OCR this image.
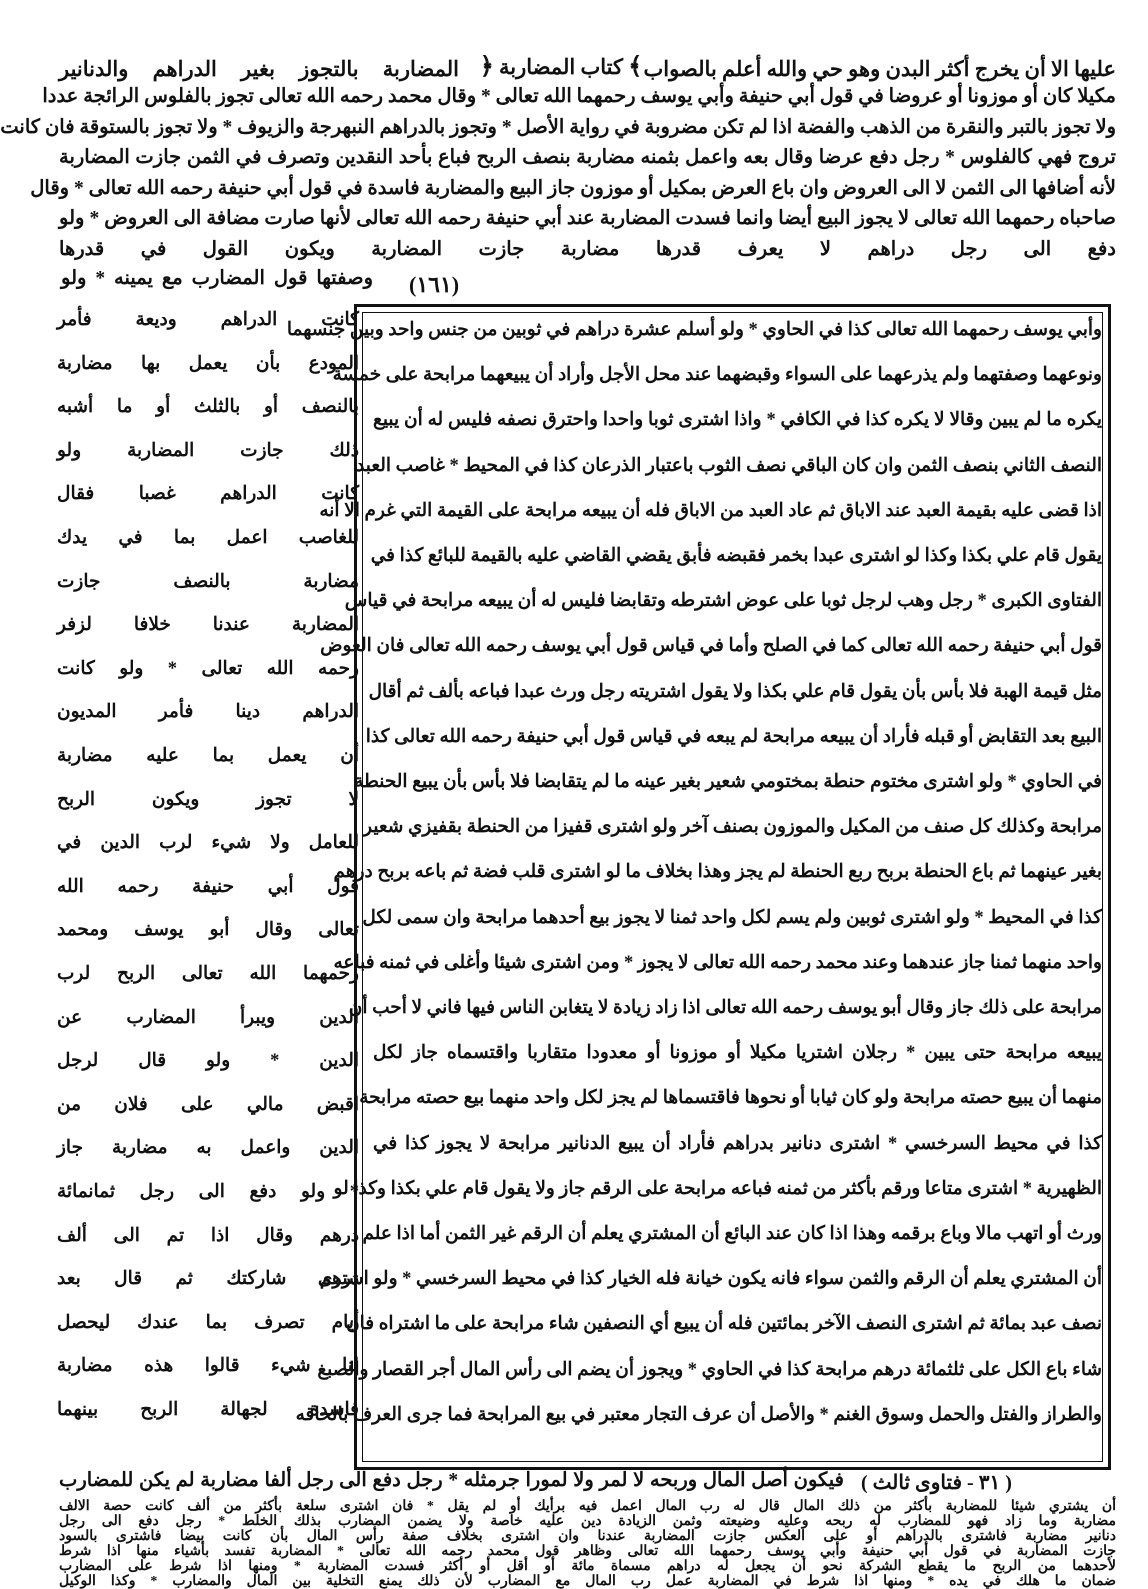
عليها الا أن يخرج أكثر البدن وهو حي والله أعلم بالصواب
﴾ كتاب المضاربة ﴿
المضاربة بالتجوز بغير الدراهم والدنانير
مكيلا كان أو موزونا أو عروضا في قول أبي حنيفة وأبي يوسف رحمهما الله تعالى * وقال محمد رحمه الله تعالى تجوز بالفلوس الرائجة عددا
ولا تجوز بالتبر والنقرة من الذهب والفضة اذا لم تكن مضروبة في رواية الأصل * وتجوز بالدراهم النبهرجة والزيوف * ولا تجوز بالستوقة فان كانت
تروج فهي كالفلوس * رجل دفع عرضا وقال بعه واعمل بثمنه مضاربة بنصف الربح فباع بأحد النقدين وتصرف في الثمن جازت المضاربة
لأنه أضافها الى الثمن لا الى العروض وان باع العرض بمكيل أو موزون جاز البيع والمضاربة فاسدة في قول أبي حنيفة رحمه الله تعالى * وقال
صاحباه رحمهما الله تعالى لا يجوز البيع أيضا وانما فسدت المضاربة عند أبي حنيفة رحمه الله تعالى لأنها صارت مضافة الى العروض * ولو
دفع الى رجل دراهم لا يعرف قدرها مضاربة جازت المضاربة ويكون القول في قدرها
(١٦١)
وصفتها قول المضارب مع يمينه * ولو
وأبي يوسف رحمهما الله تعالى كذا في الحاوي * ولو أسلم عشرة دراهم في ثوبين من جنس واحد وبين جنسهما
ونوعهما وصفتهما ولم يذرعهما على السواء وقبضهما عند محل الأجل وأراد أن يبيعهما مرابحة على خمسة
يكره ما لم يبين وقالا لا يكره كذا في الكافي * واذا اشترى ثوبا واحدا واحترق نصفه فليس له أن يبيع
النصف الثاني بنصف الثمن وان كان الباقي نصف الثوب باعتبار الذرعان كذا في المحيط * غاصب العبد
اذا قضى عليه بقيمة العبد عند الاباق ثم عاد العبد من الاباق فله أن يبيعه مرابحة على القيمة التي غرم الا أنه
يقول قام علي بكذا وكذا لو اشترى عبدا بخمر فقبضه فأبق يقضي القاضي عليه بالقيمة للبائع كذا في
الفتاوى الكبرى * رجل وهب لرجل ثوبا على عوض اشترطه وتقابضا فليس له أن يبيعه مرابحة في قياس
قول أبي حنيفة رحمه الله تعالى كما في الصلح وأما في قياس قول أبي يوسف رحمه الله تعالى فان العوض
مثل قيمة الهبة فلا بأس بأن يقول قام علي بكذا ولا يقول اشتريته رجل ورث عبدا فباعه بألف ثم أقال
البيع بعد التقابض أو قبله فأراد أن يبيعه مرابحة لم يبعه في قياس قول أبي حنيفة رحمه الله تعالى كذا
في الحاوي * ولو اشترى مختوم حنطة بمختومي شعير بغير عينه ما لم يتقابضا فلا بأس بأن يبيع الحنطة
مرابحة وكذلك كل صنف من المكيل والموزون بصنف آخر ولو اشترى قفيزا من الحنطة بقفيزي شعير
بغير عينهما ثم باع الحنطة بربح ربع الحنطة لم يجز وهذا بخلاف ما لو اشترى قلب فضة ثم باعه بربح درهم
كذا في المحيط * ولو اشترى ثوبين ولم يسم لكل واحد ثمنا لا يجوز بيع أحدهما مرابحة وان سمى لكل
واحد منهما ثمنا جاز عندهما وعند محمد رحمه الله تعالى لا يجوز * ومن اشترى شيئا وأغلى في ثمنه فباعه
مرابحة على ذلك جاز وقال أبو يوسف رحمه الله تعالى اذا زاد زيادة لا يتغابن الناس فيها فاني لا أحب أن
يبيعه مرابحة حتى يبين * رجلان اشتريا مكيلا أو موزونا أو معدودا متقاربا واقتسماه جاز لكل
منهما أن يبيع حصته مرابحة ولو كان ثيابا أو نحوها فاقتسماها لم يجز لكل واحد منهما بيع حصته مرابحة
كذا في محيط السرخسي * اشترى دنانير بدراهم فأراد أن يبيع الدنانير مرابحة لا يجوز كذا في
الظهيرية * اشترى متاعا ورقم بأكثر من ثمنه فباعه مرابحة على الرقم جاز ولا يقول قام علي بكذا وكذا لو
ورث أو اتهب مالا وباع برقمه وهذا اذا كان عند البائع أن المشتري يعلم أن الرقم غير الثمن أما اذا علم
أن المشتري يعلم أن الرقم والثمن سواء فانه يكون خيانة فله الخيار كذا في محيط السرخسي * ولو اشترى
نصف عبد بمائة ثم اشترى النصف الآخر بمائتين فله أن يبيع أي النصفين شاء مرابحة على ما اشتراه فان
شاء باع الكل على ثلثمائة درهم مرابحة كذا في الحاوي * ويجوز أن يضم الى رأس المال أجر القصار والصبغ
والطراز والفتل والحمل وسوق الغنم * والأصل أن عرف التجار معتبر في بيع المرابحة فما جرى العرف بالحاقه
كانت الدراهم وديعة فأمر
المودع بأن يعمل بها مضاربة
بالنصف أو بالثلث أو ما أشبه
ذلك جازت المضاربة ولو
كانت الدراهم غصبا فقال
للغاصب اعمل بما في يدك
مضاربة بالنصف جازت
المضاربة عندنا خلافا لزفر
رحمه الله تعالى * ولو كانت
الدراهم دينا فأمر المديون
أن يعمل بما عليه مضاربة
لا تجوز ويكون الربح
للعامل ولا شيء لرب الدين في
قول أبي حنيفة رحمه الله
تعالى وقال أبو يوسف ومحمد
رحمهما الله تعالى الربح لرب
الدين ويبرأ المضارب عن
الدين * ولو قال لرجل
اقبض مالي على فلان من
الدين واعمل به مضاربة جاز
* ولو دفع الى رجل ثمانمائة
درهم وقال اذا تم الى ألف
درهم شاركتك ثم قال بعد
أيام تصرف بما عندك ليحصل
لنا شيء قالوا هذه مضاربة
فاسدة لجهالة الربح بينهما
( ٣١ - فتاوى ثالث )
فيكون أصل المال وربحه لا لمر ولا لمورا جرمثله * رجل دفع الى رجل ألفا مضاربة لم يكن للمضارب
أن يشتري شيئا للمضاربة بأكثر من ذلك المال قال له رب المال اعمل فيه برأيك أو لم يقل * فان اشترى سلعة بأكثر من ألف كانت حصة الالف
مضاربة وما زاد فهو للمضارب له ربحه وعليه وضيعته وثمن الزيادة دين عليه خاصة ولا يضمن المضارب بذلك الخلط * رجل دفع الى رجل
دنانير مضاربة فاشترى بالدراهم أو على العكس جازت المضاربة عندنا وان اشترى بخلاف صفة رأس المال بأن كانت بيضا فاشترى بالسود
جازت المضاربة في قول أبي حنيفة وأبي يوسف رحمهما الله تعالى وظاهر قول محمد رحمه الله تعالى * المضاربة تفسد بأشياء منها اذا شرط
لأحدهما من الربح ما يقطع الشركة نحو أن يجعل له دراهم مسماة مائة أو أقل أو أكثر فسدت المضاربة * ومنها اذا شرط على المضارب
ضمان ما هلك في يده * ومنها اذا شرط في المضاربة عمل رب المال مع المضارب لأن ذلك يمنع التخلية بين المال والمضارب * وكذا الوكيل
